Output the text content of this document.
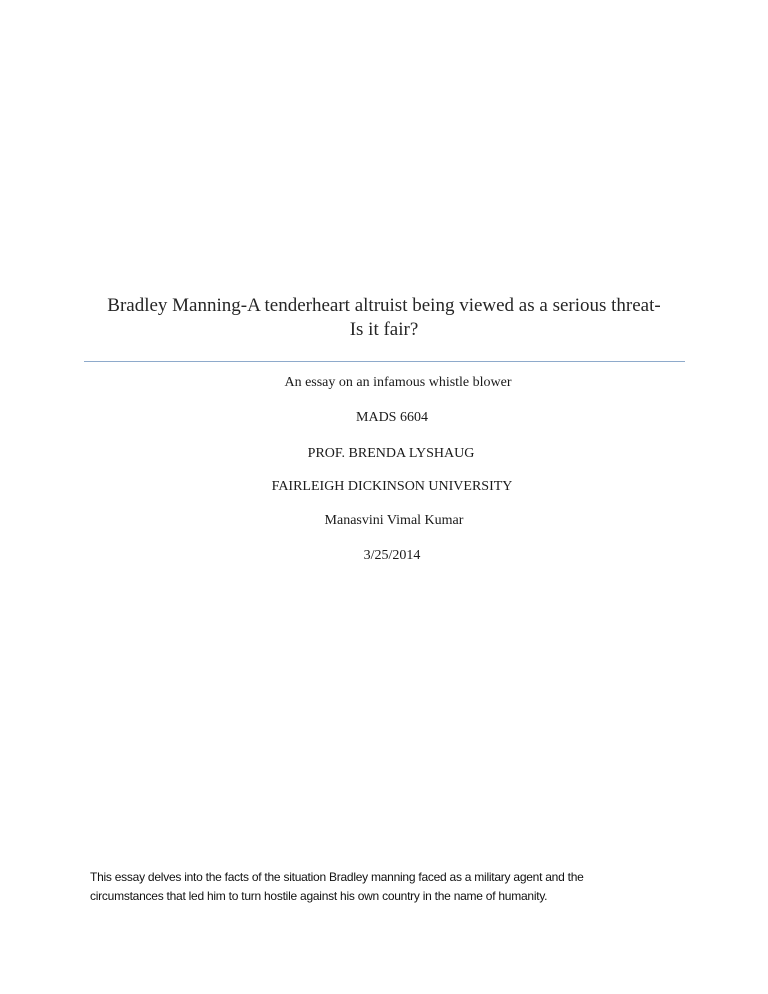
Bradley Manning-A tenderheart altruist being viewed as a serious threat-
Is it fair?
An essay on an infamous whistle blower
MADS 6604
PROF. BRENDA LYSHAUG
FAIRLEIGH DICKINSON UNIVERSITY
Manasvini Vimal Kumar
3/25/2014
This essay delves into the facts of the situation Bradley manning faced as a military agent and the
circumstances that led him to turn hostile against his own country in the name of humanity.
